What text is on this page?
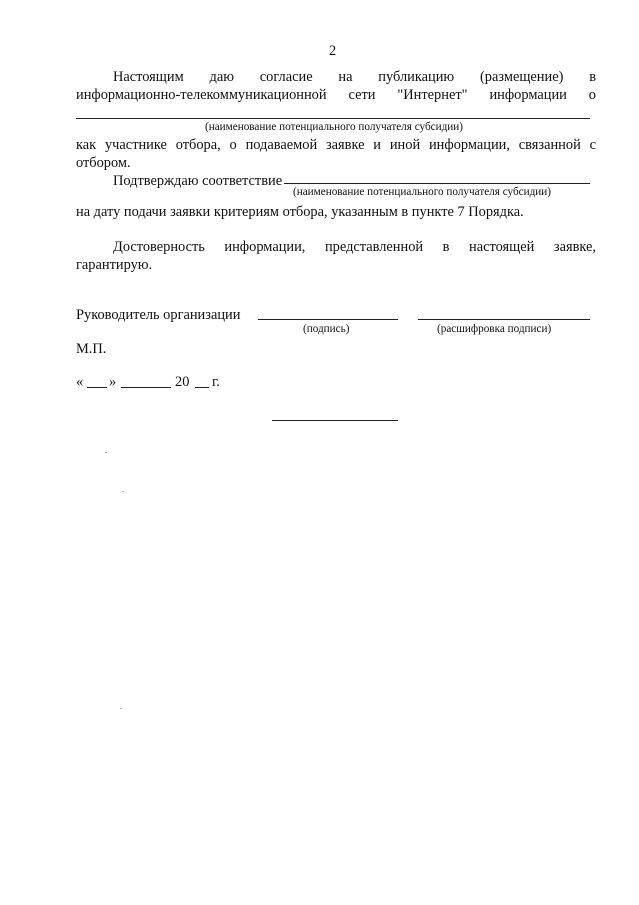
2
Настоящим даю согласие на публикацию (размещение) в
информационно-телекоммуникационной сети "Интернет" информации о
(наименование потенциального получателя субсидии)
как участнике отбора, о подаваемой заявке и иной информации, связанной с
отбором.
Подтверждаю соответствие
(наименование потенциального получателя субсидии)
на дату подачи заявки критериям отбора, указанным в пункте 7 Порядка.
Достоверность информации, представленной в настоящей заявке,
гарантирую.
Руководитель организации
(подпись)	(расшифровка подписи)
М.П.
« »	20 г.
